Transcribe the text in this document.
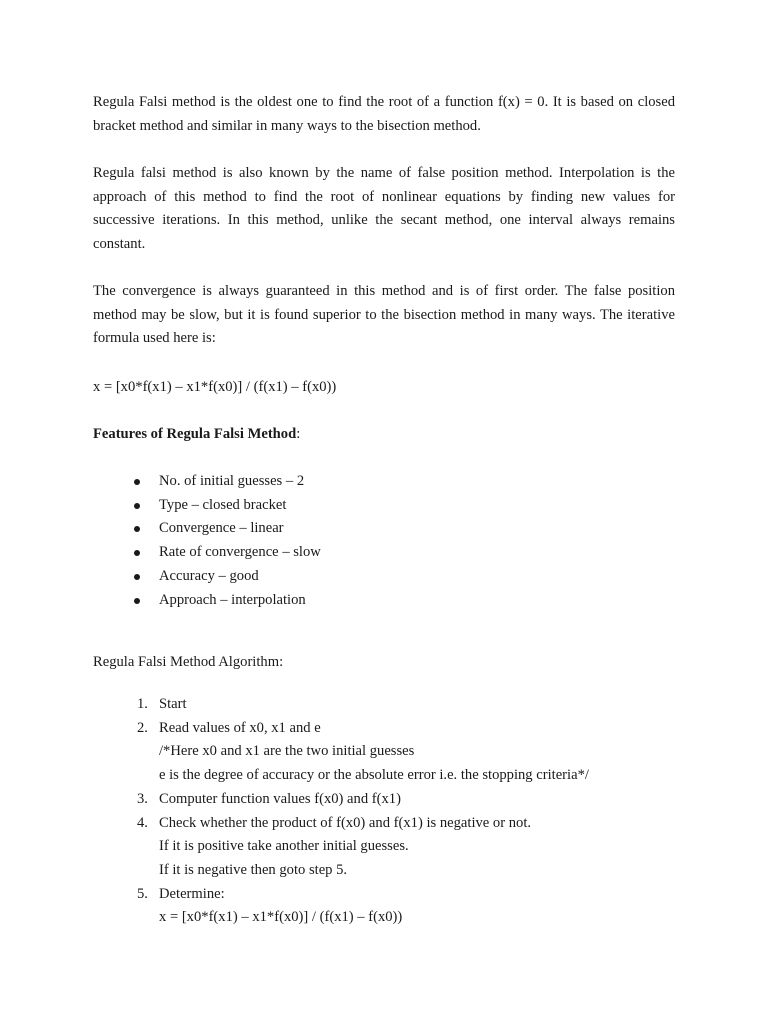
Regula Falsi method is the oldest one to find the root of a function f(x) = 0. It is based on closed bracket method and similar in many ways to the bisection method.

Regula falsi method is also known by the name of false position method. Interpolation is the approach of this method to find the root of nonlinear equations by finding new values for successive iterations. In this method, unlike the secant method, one interval always remains constant.

The convergence is always guaranteed in this method and is of first order. The false position method may be slow, but it is found superior to the bisection method in many ways. The iterative formula used here is:

x = [x0*f(x1) – x1*f(x0)] / (f(x1) – f(x0))

Features of Regula Falsi Method:

No. of initial guesses – 2
Type – closed bracket
Convergence – linear
Rate of convergence – slow
Accuracy – good
Approach – interpolation

Regula Falsi Method Algorithm:

1. Start
2. Read values of x0, x1 and e
/*Here x0 and x1 are the two initial guesses
e is the degree of accuracy or the absolute error i.e. the stopping criteria*/
3. Computer function values f(x0) and f(x1)
4. Check whether the product of f(x0) and f(x1) is negative or not.
If it is positive take another initial guesses.
If it is negative then goto step 5.
5. Determine:
x = [x0*f(x1) – x1*f(x0)] / (f(x1) – f(x0))
